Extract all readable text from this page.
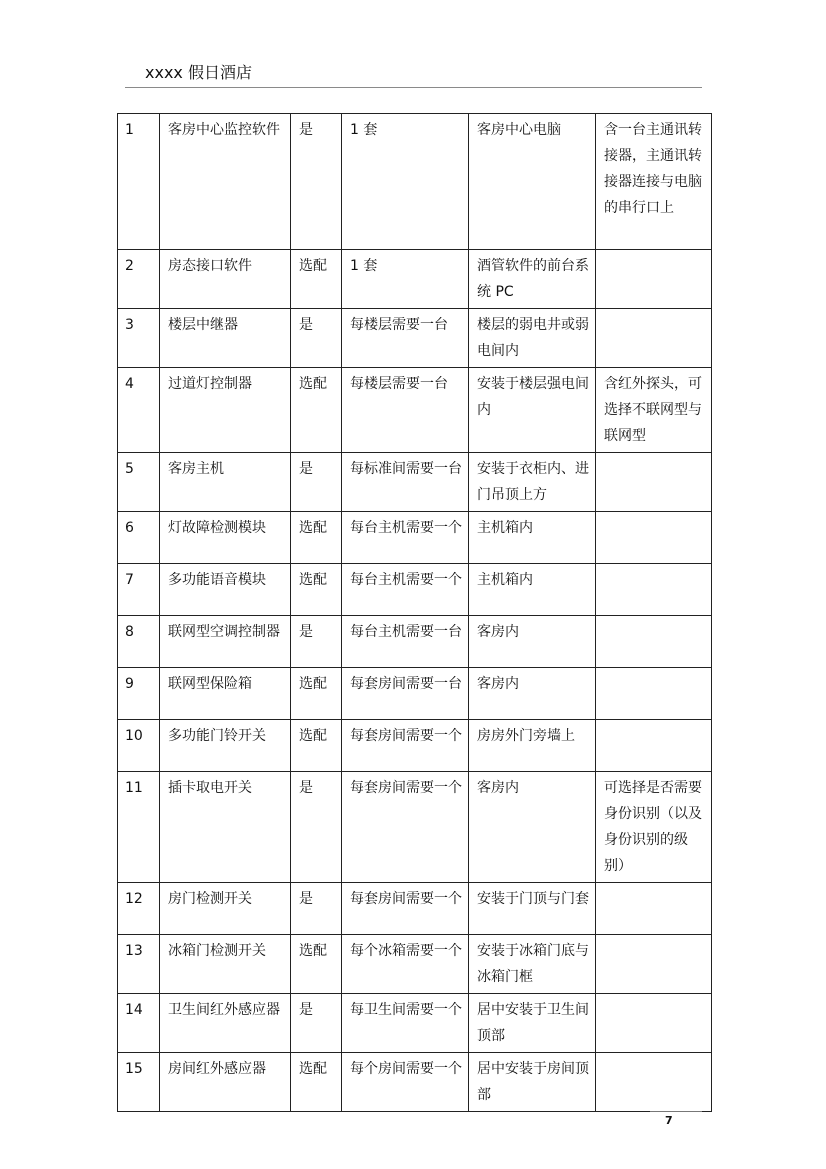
xxxx 假日酒店
1	客房中心监控软件	是	1 套	客房中心电脑	含一台主通讯转接器，主通讯转接器连接与电脑的串行口上
2	房态接口软件	选配	1 套	酒管软件的前台系统 PC	
3	楼层中继器	是	每楼层需要一台	楼层的弱电井或弱电间内	
4	过道灯控制器	选配	每楼层需要一台	安装于楼层强电间内	含红外探头，可选择不联网型与联网型
5	客房主机	是	每标准间需要一台	安装于衣柜内、进门吊顶上方	
6	灯故障检测模块	选配	每台主机需要一个	主机箱内	
7	多功能语音模块	选配	每台主机需要一个	主机箱内	
8	联网型空调控制器	是	每台主机需要一台	客房内	
9	联网型保险箱	选配	每套房间需要一台	客房内	
10	多功能门铃开关	选配	每套房间需要一个	房房外门旁墙上	
11	插卡取电开关	是	每套房间需要一个	客房内	可选择是否需要身份识别（以及身份识别的级别）
12	房门检测开关	是	每套房间需要一个	安装于门顶与门套	
13	冰箱门检测开关	选配	每个冰箱需要一个	安装于冰箱门底与冰箱门框	
14	卫生间红外感应器	是	每卫生间需要一个	居中安装于卫生间顶部	
15	房间红外感应器	选配	每个房间需要一个	居中安装于房间顶部	
7
